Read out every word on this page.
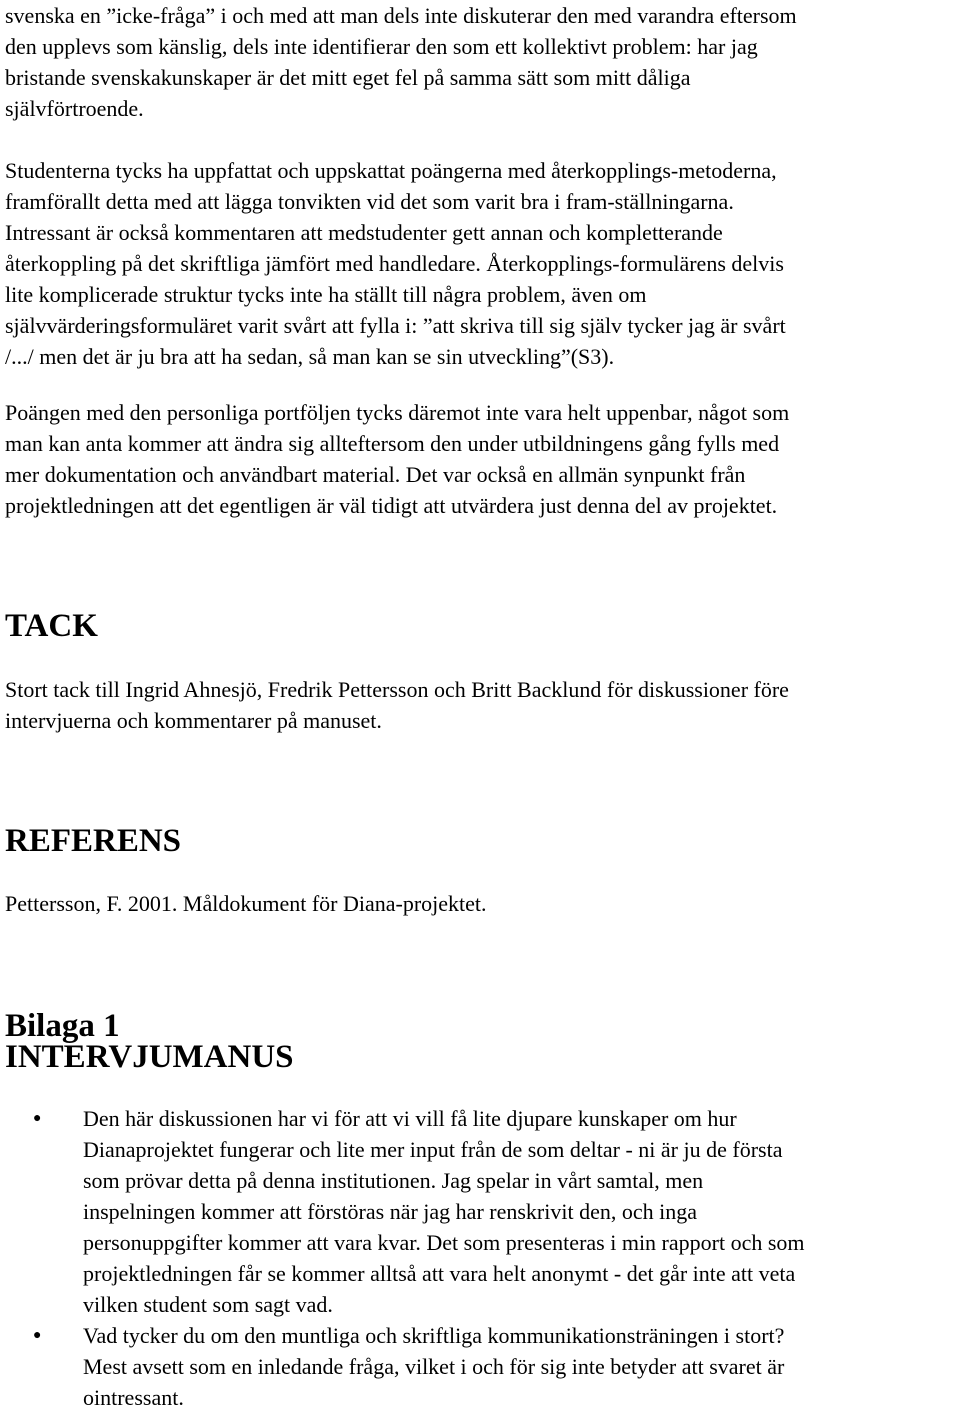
svenska en ”icke-fråga” i och med att man dels inte diskuterar den med varandra eftersom
den upplevs som känslig, dels inte identifierar den som ett kollektivt problem: har jag
bristande svenskakunskaper är det mitt eget fel på samma sätt som mitt dåliga
självförtroende.

Studenterna tycks ha uppfattat och uppskattat poängerna med återkopplings-metoderna,
framförallt detta med att lägga tonvikten vid det som varit bra i fram-ställningarna.
Intressant är också kommentaren att medstudenter gett annan och kompletterande
återkoppling på det skriftliga jämfört med handledare. Återkopplings-formulärens delvis
lite komplicerade struktur tycks inte ha ställt till några problem, även om
självvärderingsformuläret varit svårt att fylla i: ”att skriva till sig själv tycker jag är svårt
/.../ men det är ju bra att ha sedan, så man kan se sin utveckling”(S3).

Poängen med den personliga portföljen tycks däremot inte vara helt uppenbar, något som
man kan anta kommer att ändra sig allteftersom den under utbildningens gång fylls med
mer dokumentation och användbart material. Det var också en allmän synpunkt från
projektledningen att det egentligen är väl tidigt att utvärdera just denna del av projektet.

TACK

Stort tack till Ingrid Ahnesjö, Fredrik Pettersson och Britt Backlund för diskussioner före
intervjuerna och kommentarer på manuset.

REFERENS

Pettersson, F. 2001. Måldokument för Diana-projektet.

Bilaga 1
INTERVJUMANUS
● Den här diskussionen har vi för att vi vill få lite djupare kunskaper om hur
Dianaprojektet fungerar och lite mer input från de som deltar - ni är ju de första
som prövar detta på denna institutionen. Jag spelar in vårt samtal, men
inspelningen kommer att förstöras när jag har renskrivit den, och inga
personuppgifter kommer att vara kvar. Det som presenteras i min rapport och som
projektledningen får se kommer alltså att vara helt anonymt - det går inte att veta
vilken student som sagt vad.
● Vad tycker du om den muntliga och skriftliga kommunikationsträningen i stort?
Mest avsett som en inledande fråga, vilket i och för sig inte betyder att svaret är
ointressant.
